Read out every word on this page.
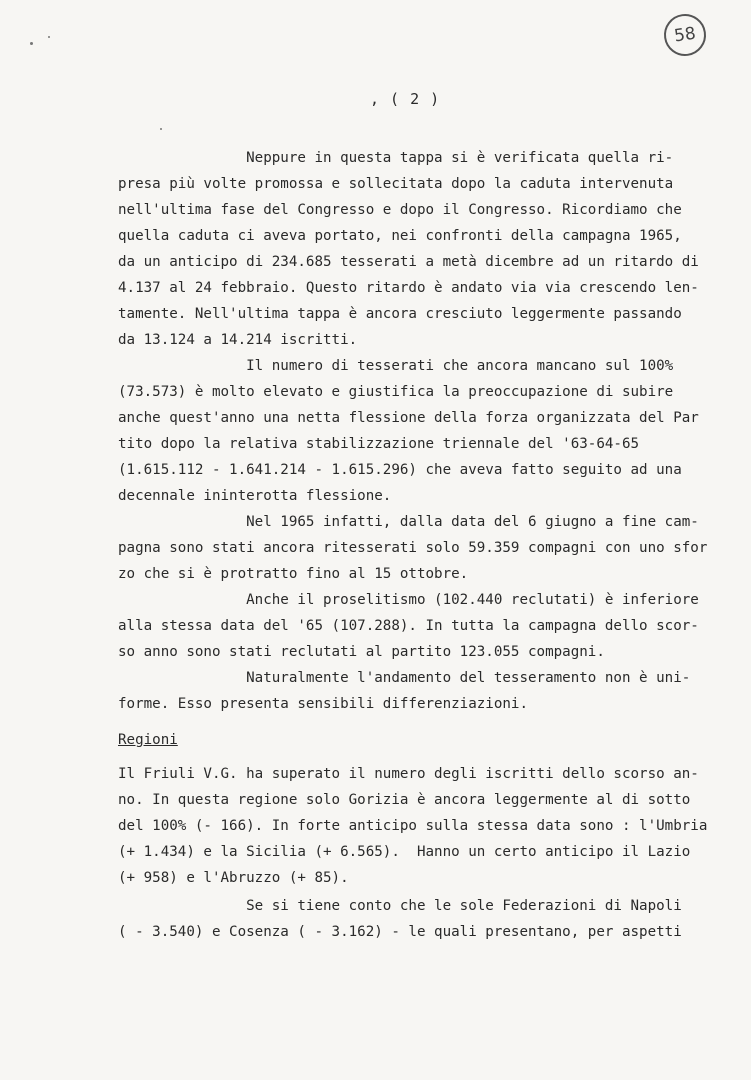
58
, ( 2 )
Neppure in questa tappa si è verificata quella ri-
presa più volte promossa e sollecitata dopo la caduta intervenuta
nell'ultima fase del Congresso e dopo il Congresso. Ricordiamo che
quella caduta ci aveva portato, nei confronti della campagna 1965,
da un anticipo di 234.685 tesserati a metà dicembre ad un ritardo di
4.137 al 24 febbraio. Questo ritardo è andato via via crescendo len-
tamente. Nell'ultima tappa è ancora cresciuto leggermente passando
da 13.124 a 14.214 iscritti.
Il numero di tesserati che ancora mancano sul 100%
(73.573) è molto elevato e giustifica la preoccupazione di subire
anche quest'anno una netta flessione della forza organizzata del Par
tito dopo la relativa stabilizzazione triennale del '63-64-65
(1.615.112 - 1.641.214 - 1.615.296) che aveva fatto seguito ad una
decennale ininterotta flessione.
Nel 1965 infatti, dalla data del 6 giugno a fine cam-
pagna sono stati ancora ritesserati solo 59.359 compagni con uno sfor
zo che si è protratto fino al 15 ottobre.
Anche il proselitismo (102.440 reclutati) è inferiore
alla stessa data del '65 (107.288). In tutta la campagna dello scor-
so anno sono stati reclutati al partito 123.055 compagni.
Naturalmente l'andamento del tesseramento non è uni-
forme. Esso presenta sensibili differenziazioni.
Regioni
Il Friuli V.G. ha superato il numero degli iscritti dello scorso an-
no. In questa regione solo Gorizia è ancora leggermente al di sotto
del 100% (- 166). In forte anticipo sulla stessa data sono : l'Umbria
(+ 1.434) e la Sicilia (+ 6.565).  Hanno un certo anticipo il Lazio
(+ 958) e l'Abruzzo (+ 85).
Se si tiene conto che le sole Federazioni di Napoli
( - 3.540) e Cosenza ( - 3.162) - le quali presentano, per aspetti
